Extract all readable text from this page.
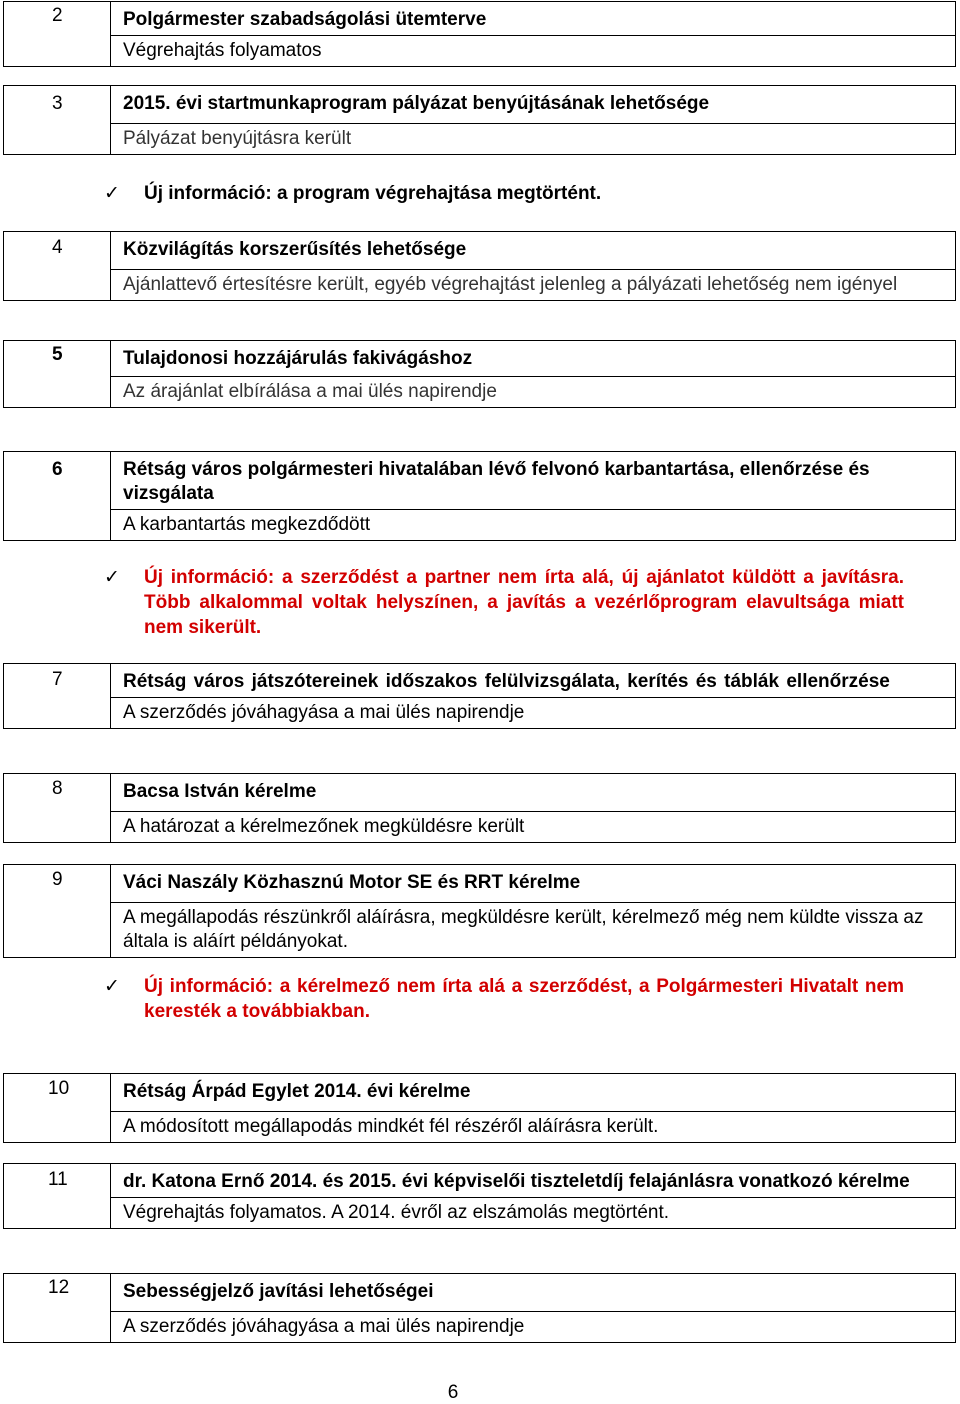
2	Polgármester szabadságolási ütemterve
Végrehajtás folyamatos
3	2015. évi startmunkaprogram pályázat benyújtásának lehetősége
Pályázat benyújtásra került
✓	Új információ: a program végrehajtása megtörtént.
4	Közvilágítás korszerűsítés lehetősége
Ajánlattevő értesítésre került, egyéb végrehajtást jelenleg a pályázati lehetőség nem igényel
5	Tulajdonosi hozzájárulás fakivágáshoz
Az árajánlat elbírálása a mai ülés napirendje
6	Rétság város polgármesteri hivatalában lévő felvonó karbantartása, ellenőrzése és vizsgálata
A karbantartás megkezdődött
✓	Új információ: a szerződést a partner nem írta alá, új ajánlatot küldött a javításra. Több alkalommal voltak helyszínen, a javítás a vezérlőprogram elavultsága miatt nem sikerült.
7	Rétság város játszótereinek időszakos felülvizsgálata, kerítés és táblák ellenőrzése
A szerződés jóváhagyása a mai ülés napirendje
8	Bacsa István kérelme
A határozat a kérelmezőnek megküldésre került
9	Váci Naszály Közhasznú Motor SE és RRT kérelme
A megállapodás részünkről aláírásra, megküldésre került, kérelmező még nem küldte vissza az általa is aláírt példányokat.
✓	Új információ: a kérelmező nem írta alá a szerződést, a Polgármesteri Hivatalt nem keresték a továbbiakban.
10	Rétság Árpád Egylet 2014. évi kérelme
A módosított megállapodás mindkét fél részéről aláírásra került.
11	dr. Katona Ernő 2014. és 2015. évi képviselői tiszteletdíj felajánlásra vonatkozó kérelme
Végrehajtás folyamatos. A 2014. évről az elszámolás megtörtént.
12	Sebességjelző javítási lehetőségei
A szerződés jóváhagyása a mai ülés napirendje
6
